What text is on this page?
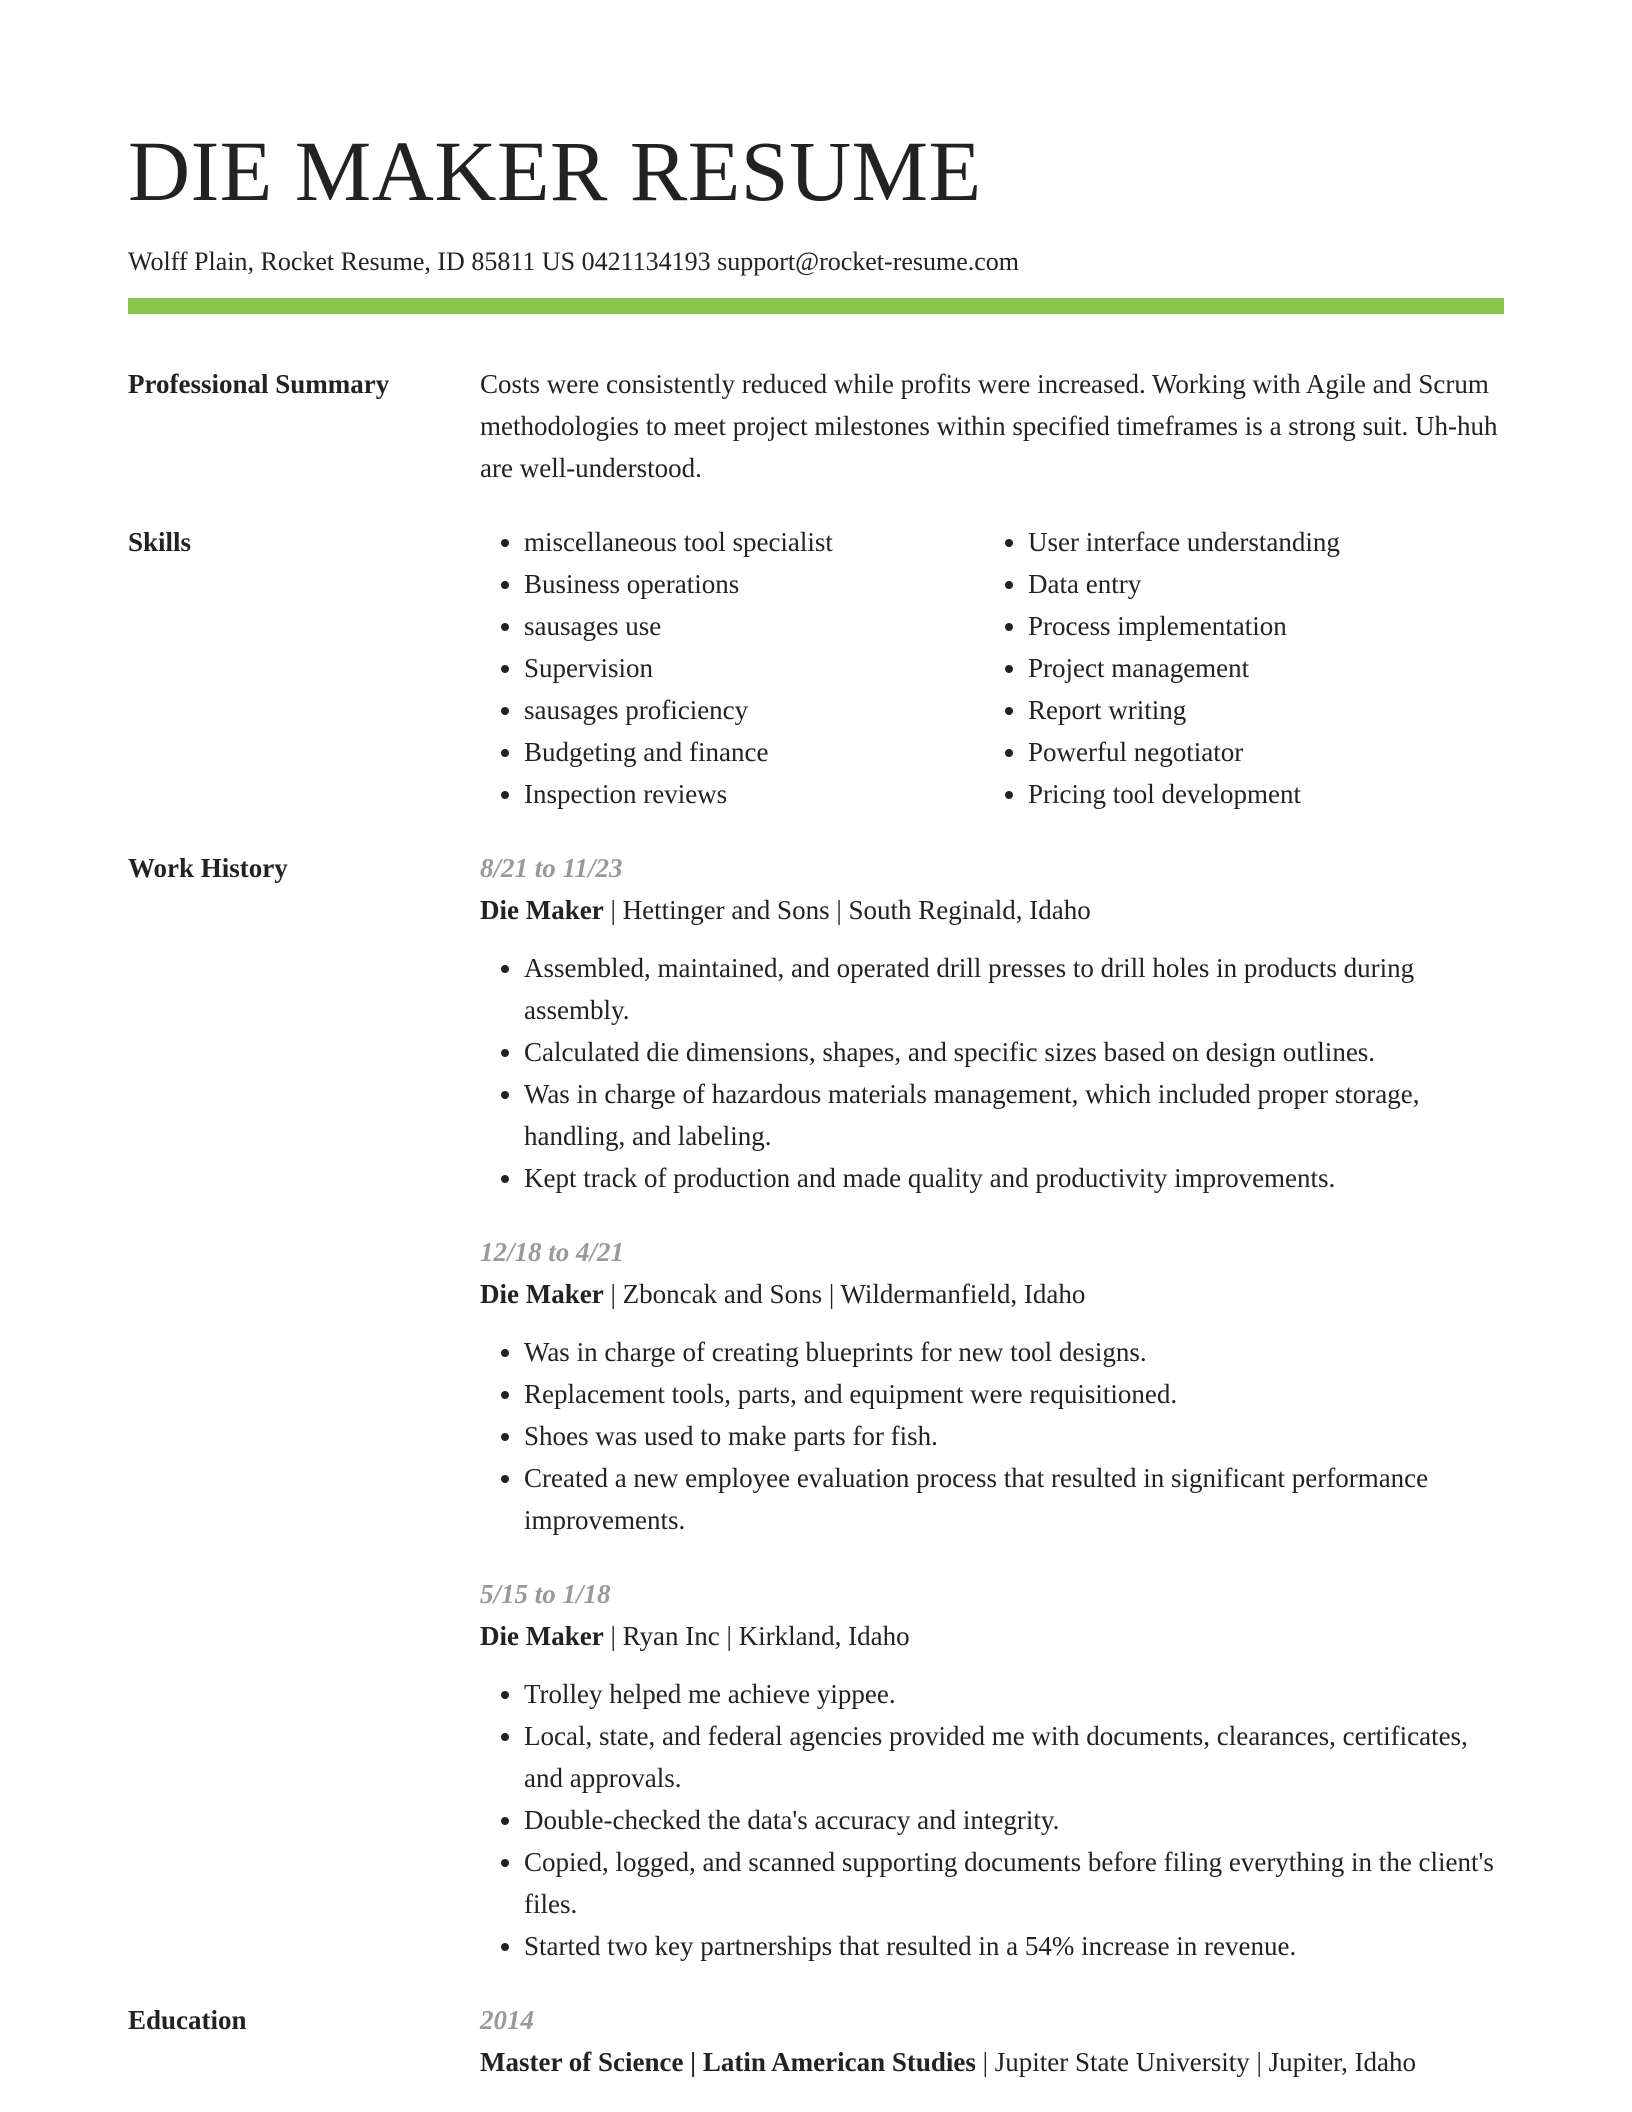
DIE MAKER RESUME
Wolff Plain, Rocket Resume, ID 85811 US 0421134193 support@rocket-resume.com
Professional Summary	Costs were consistently reduced while profits were increased. Working with Agile and Scrum methodologies to meet project milestones within specified timeframes is a strong suit. Uh-huh are well-understood.
Skills
•	miscellaneous tool specialist
• Business operations
• sausages use
• Supervision
• sausages proficiency
• Budgeting and finance
• Inspection reviews
• User interface understanding
• Data entry
• Process implementation
• Project management
• Report writing
• Powerful negotiator
• Pricing tool development
Work History	8/21 to 11/23
Die Maker | Hettinger and Sons | South Reginald, Idaho
• Assembled, maintained, and operated drill presses to drill holes in products during assembly.
• Calculated die dimensions, shapes, and specific sizes based on design outlines.
• Was in charge of hazardous materials management, which included proper storage, handling, and labeling.
• Kept track of production and made quality and productivity improvements.
12/18 to 4/21
Die Maker | Zboncak and Sons | Wildermanfield, Idaho
• Was in charge of creating blueprints for new tool designs.
• Replacement tools, parts, and equipment were requisitioned.
• Shoes was used to make parts for fish.
• Created a new employee evaluation process that resulted in significant performance improvements.
5/15 to 1/18
Die Maker | Ryan Inc | Kirkland, Idaho
• Trolley helped me achieve yippee.
• Local, state, and federal agencies provided me with documents, clearances, certificates, and approvals.
• Double-checked the data's accuracy and integrity.
• Copied, logged, and scanned supporting documents before filing everything in the client's files.
• Started two key partnerships that resulted in a 54% increase in revenue.
Education	2014
Master of Science | Latin American Studies | Jupiter State University | Jupiter, Idaho
